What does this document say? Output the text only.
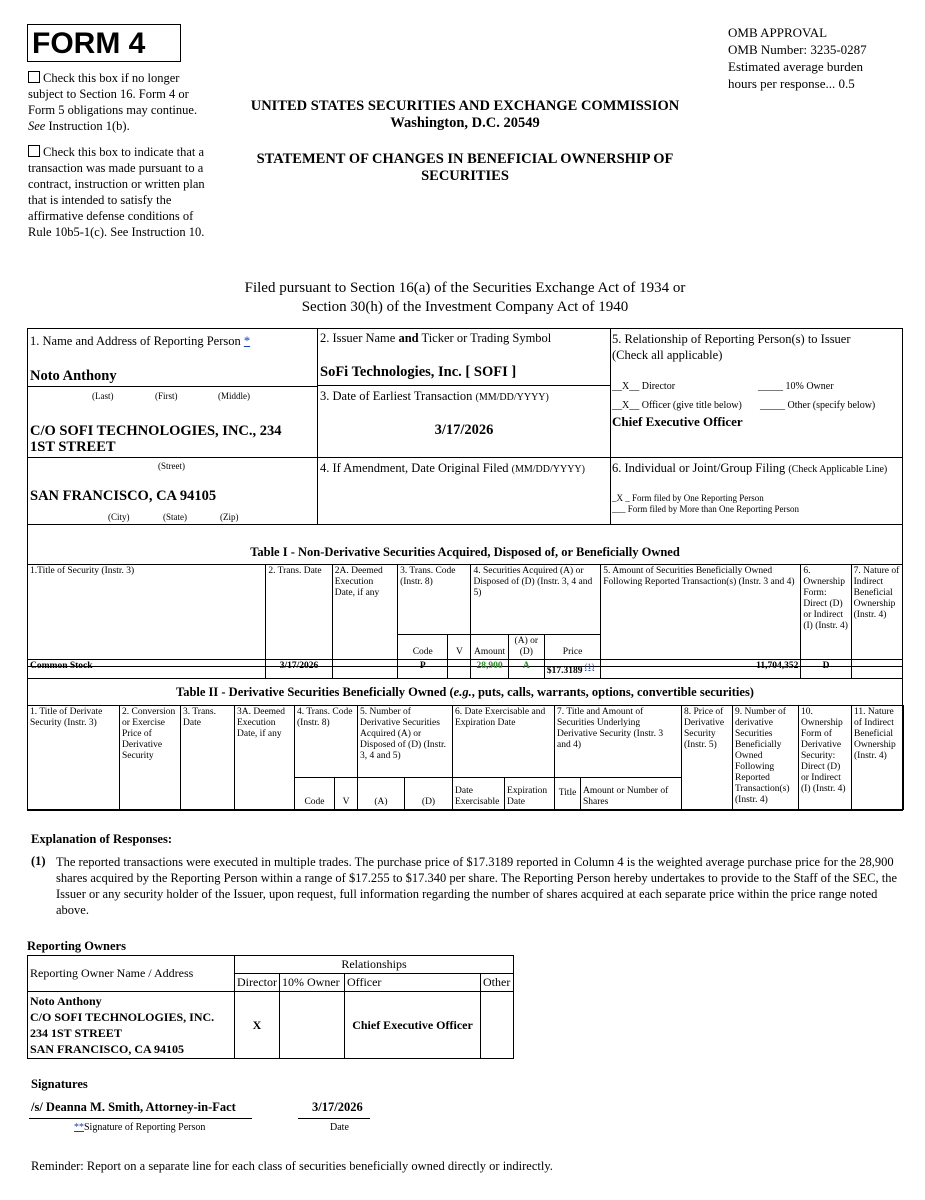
FORM 4
Check this box if no longer subject to Section 16. Form 4 or Form 5 obligations may continue. See Instruction 1(b).
Check this box to indicate that a transaction was made pursuant to a contract, instruction or written plan that is intended to satisfy the affirmative defense conditions of Rule 10b5-1(c). See Instruction 10.
UNITED STATES SECURITIES AND EXCHANGE COMMISSION
Washington, D.C. 20549
STATEMENT OF CHANGES IN BENEFICIAL OWNERSHIP OF
SECURITIES
OMB APPROVAL
OMB Number: 3235-0287
Estimated average burden
hours per response... 0.5
Filed pursuant to Section 16(a) of the Securities Exchange Act of 1934 or
Section 30(h) of the Investment Company Act of 1940
1. Name and Address of Reporting Person *
Noto Anthony
(Last)	(First)	(Middle)
C/O SOFI TECHNOLOGIES, INC., 234
1ST STREET
(Street)
SAN FRANCISCO, CA 94105
(City)	(State)	(Zip)
2. Issuer Name and Ticker or Trading Symbol
SoFi Technologies, Inc. [ SOFI ]
3. Date of Earliest Transaction (MM/DD/YYYY)
3/17/2026
4. If Amendment, Date Original Filed (MM/DD/YYYY)
5. Relationship of Reporting Person(s) to Issuer
(Check all applicable)
__X__ Director	_____ 10% Owner
__X__ Officer (give title below) _____ Other (specify below)
Chief Executive Officer
6. Individual or Joint/Group Filing (Check Applicable Line)
_X _ Form filed by One Reporting Person
___ Form filed by More than One Reporting Person
Table I - Non-Derivative Securities Acquired, Disposed of, or Beneficially Owned
1.Title of Security (Instr. 3)	2. Trans. Date	2A. Deemed Execution Date, if any	3. Trans. Code (Instr. 8)		4. Securities Acquired (A) or Disposed of (D) (Instr. 3, 4 and 5)			5. Amount of Securities Beneficially Owned Following Reported Transaction(s) (Instr. 3 and 4)	6. Ownership Form: Direct (D) or Indirect (I) (Instr. 4)	7. Nature of Indirect Beneficial Ownership (Instr. 4)
			Code	V	Amount	(A) or (D)	Price			
Common Stock	3/17/2026		P		28,900	A	$17.3189 $^{(1)}$	11,704,352	D	
Table II - Derivative Securities Beneficially Owned (e.g., puts, calls, warrants, options, convertible securities)
1. Title of Derivate Security (Instr. 3)	2. Conversion or Exercise Price of Derivative Security	3. Trans. Date	3A. Deemed Execution Date, if any	4. Trans. Code (Instr. 8)		5. Number of Derivative Securities Acquired (A) or Disposed of (D) (Instr. 3, 4 and 5)		6. Date Exercisable and Expiration Date		7. Title and Amount of Securities Underlying Derivative Security (Instr. 3 and 4)		8. Price of Derivative Security (Instr. 5)	9. Number of derivative Securities Beneficially Owned Following Reported Transaction(s) (Instr. 4)	10. Ownership Form of Derivative Security: Direct (D) or Indirect (I) (Instr. 4)	11. Nature of Indirect Beneficial Ownership (Instr. 4)
				Code	V	(A)	(D)	Date Exercisable	Expiration Date	Title	Amount or Number of Shares				
Explanation of Responses:
(1) The reported transactions were executed in multiple trades. The purchase price of $17.3189 reported in Column 4 is the weighted average purchase price for the 28,900 shares acquired by the Reporting Person within a range of $17.255 to $17.340 per share. The Reporting Person hereby undertakes to provide to the Staff of the SEC, the Issuer or any security holder of the Issuer, upon request, full information regarding the number of shares acquired at each separate price within the price range noted above.
Reporting Owners
Reporting Owner Name / Address	Relationships			
	Director	10% Owner	Officer	Other

Noto Anthony
C/O SOFI TECHNOLOGIES, INC.
234 1ST STREET
SAN FRANCISCO, CA 94105	X		Chief Executive Officer	
Signatures
/s/ Deanna M. Smith, Attorney-in-Fact	3/17/2026
**Signature of Reporting Person	Date
Reminder: Report on a separate line for each class of securities beneficially owned directly or indirectly.
